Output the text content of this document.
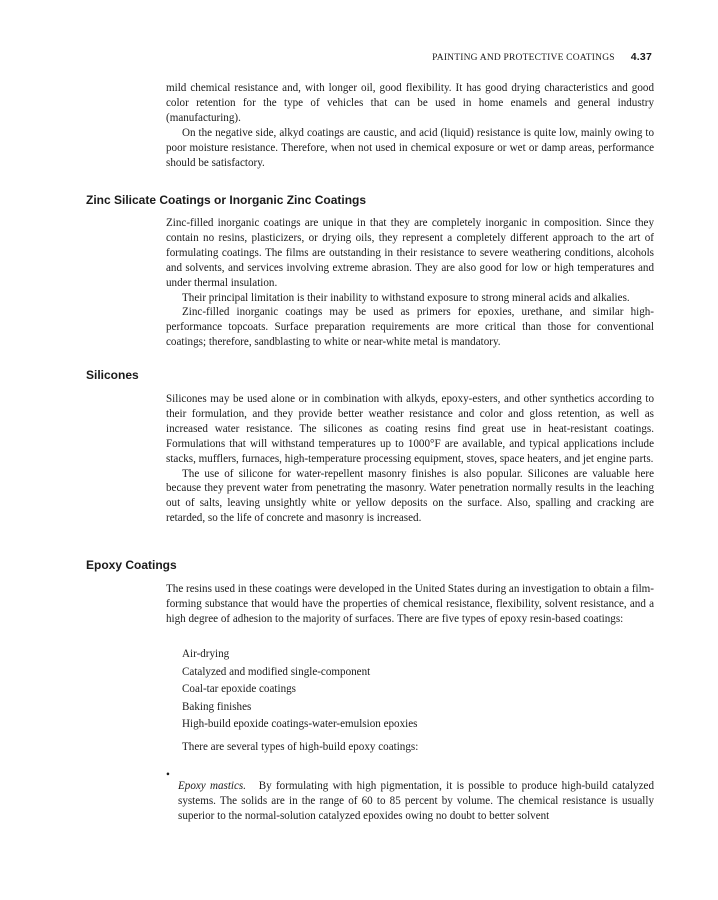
PAINTING AND PROTECTIVE COATINGS 4.37

mild chemical resistance and, with longer oil, good flexibility. It has good drying characteristics and good color retention for the type of vehicles that can be used in home enamels and general industry (manufacturing).

On the negative side, alkyd coatings are caustic, and acid (liquid) resistance is quite low, mainly owing to poor moisture resistance. Therefore, when not used in chemical exposure or wet or damp areas, performance should be satisfactory.

Zinc Silicate Coatings or Inorganic Zinc Coatings

Zinc-filled inorganic coatings are unique in that they are completely inorganic in composition. Since they contain no resins, plasticizers, or drying oils, they represent a completely different approach to the art of formulating coatings. The films are outstanding in their resistance to severe weathering conditions, alcohols and solvents, and services involving extreme abrasion. They are also good for low or high temperatures and under thermal insulation.

Their principal limitation is their inability to withstand exposure to strong mineral acids and alkalies.

Zinc-filled inorganic coatings may be used as primers for epoxies, urethane, and similar high-performance topcoats. Surface preparation requirements are more critical than those for conventional coatings; therefore, sandblasting to white or near-white metal is mandatory.

Silicones

Silicones may be used alone or in combination with alkyds, epoxy-esters, and other synthetics according to their formulation, and they provide better weather resistance and color and gloss retention, as well as increased water resistance. The silicones as coating resins find great use in heat-resistant coatings. Formulations that will withstand temperatures up to 1000°F are available, and typical applications include stacks, mufflers, furnaces, high-temperature processing equipment, stoves, space heaters, and jet engine parts.

The use of silicone for water-repellent masonry finishes is also popular. Silicones are valuable here because they prevent water from penetrating the masonry. Water penetration normally results in the leaching out of salts, leaving unsightly white or yellow deposits on the surface. Also, spalling and cracking are retarded, so the life of concrete and masonry is increased.

Epoxy Coatings

The resins used in these coatings were developed in the United States during an investigation to obtain a film-forming substance that would have the properties of chemical resistance, flexibility, solvent resistance, and a high degree of adhesion to the majority of surfaces. There are five types of epoxy resin-based coatings:

Air-drying
Catalyzed and modified single-component
Coal-tar epoxide coatings
Baking finishes
High-build epoxide coatings-water-emulsion epoxies

There are several types of high-build epoxy coatings:

•

Epoxy mastics. By formulating with high pigmentation, it is possible to produce high-build catalyzed systems. The solids are in the range of 60 to 85 percent by volume. The chemical resistance is usually superior to the normal-solution catalyzed epoxides owing no doubt to better solvent
